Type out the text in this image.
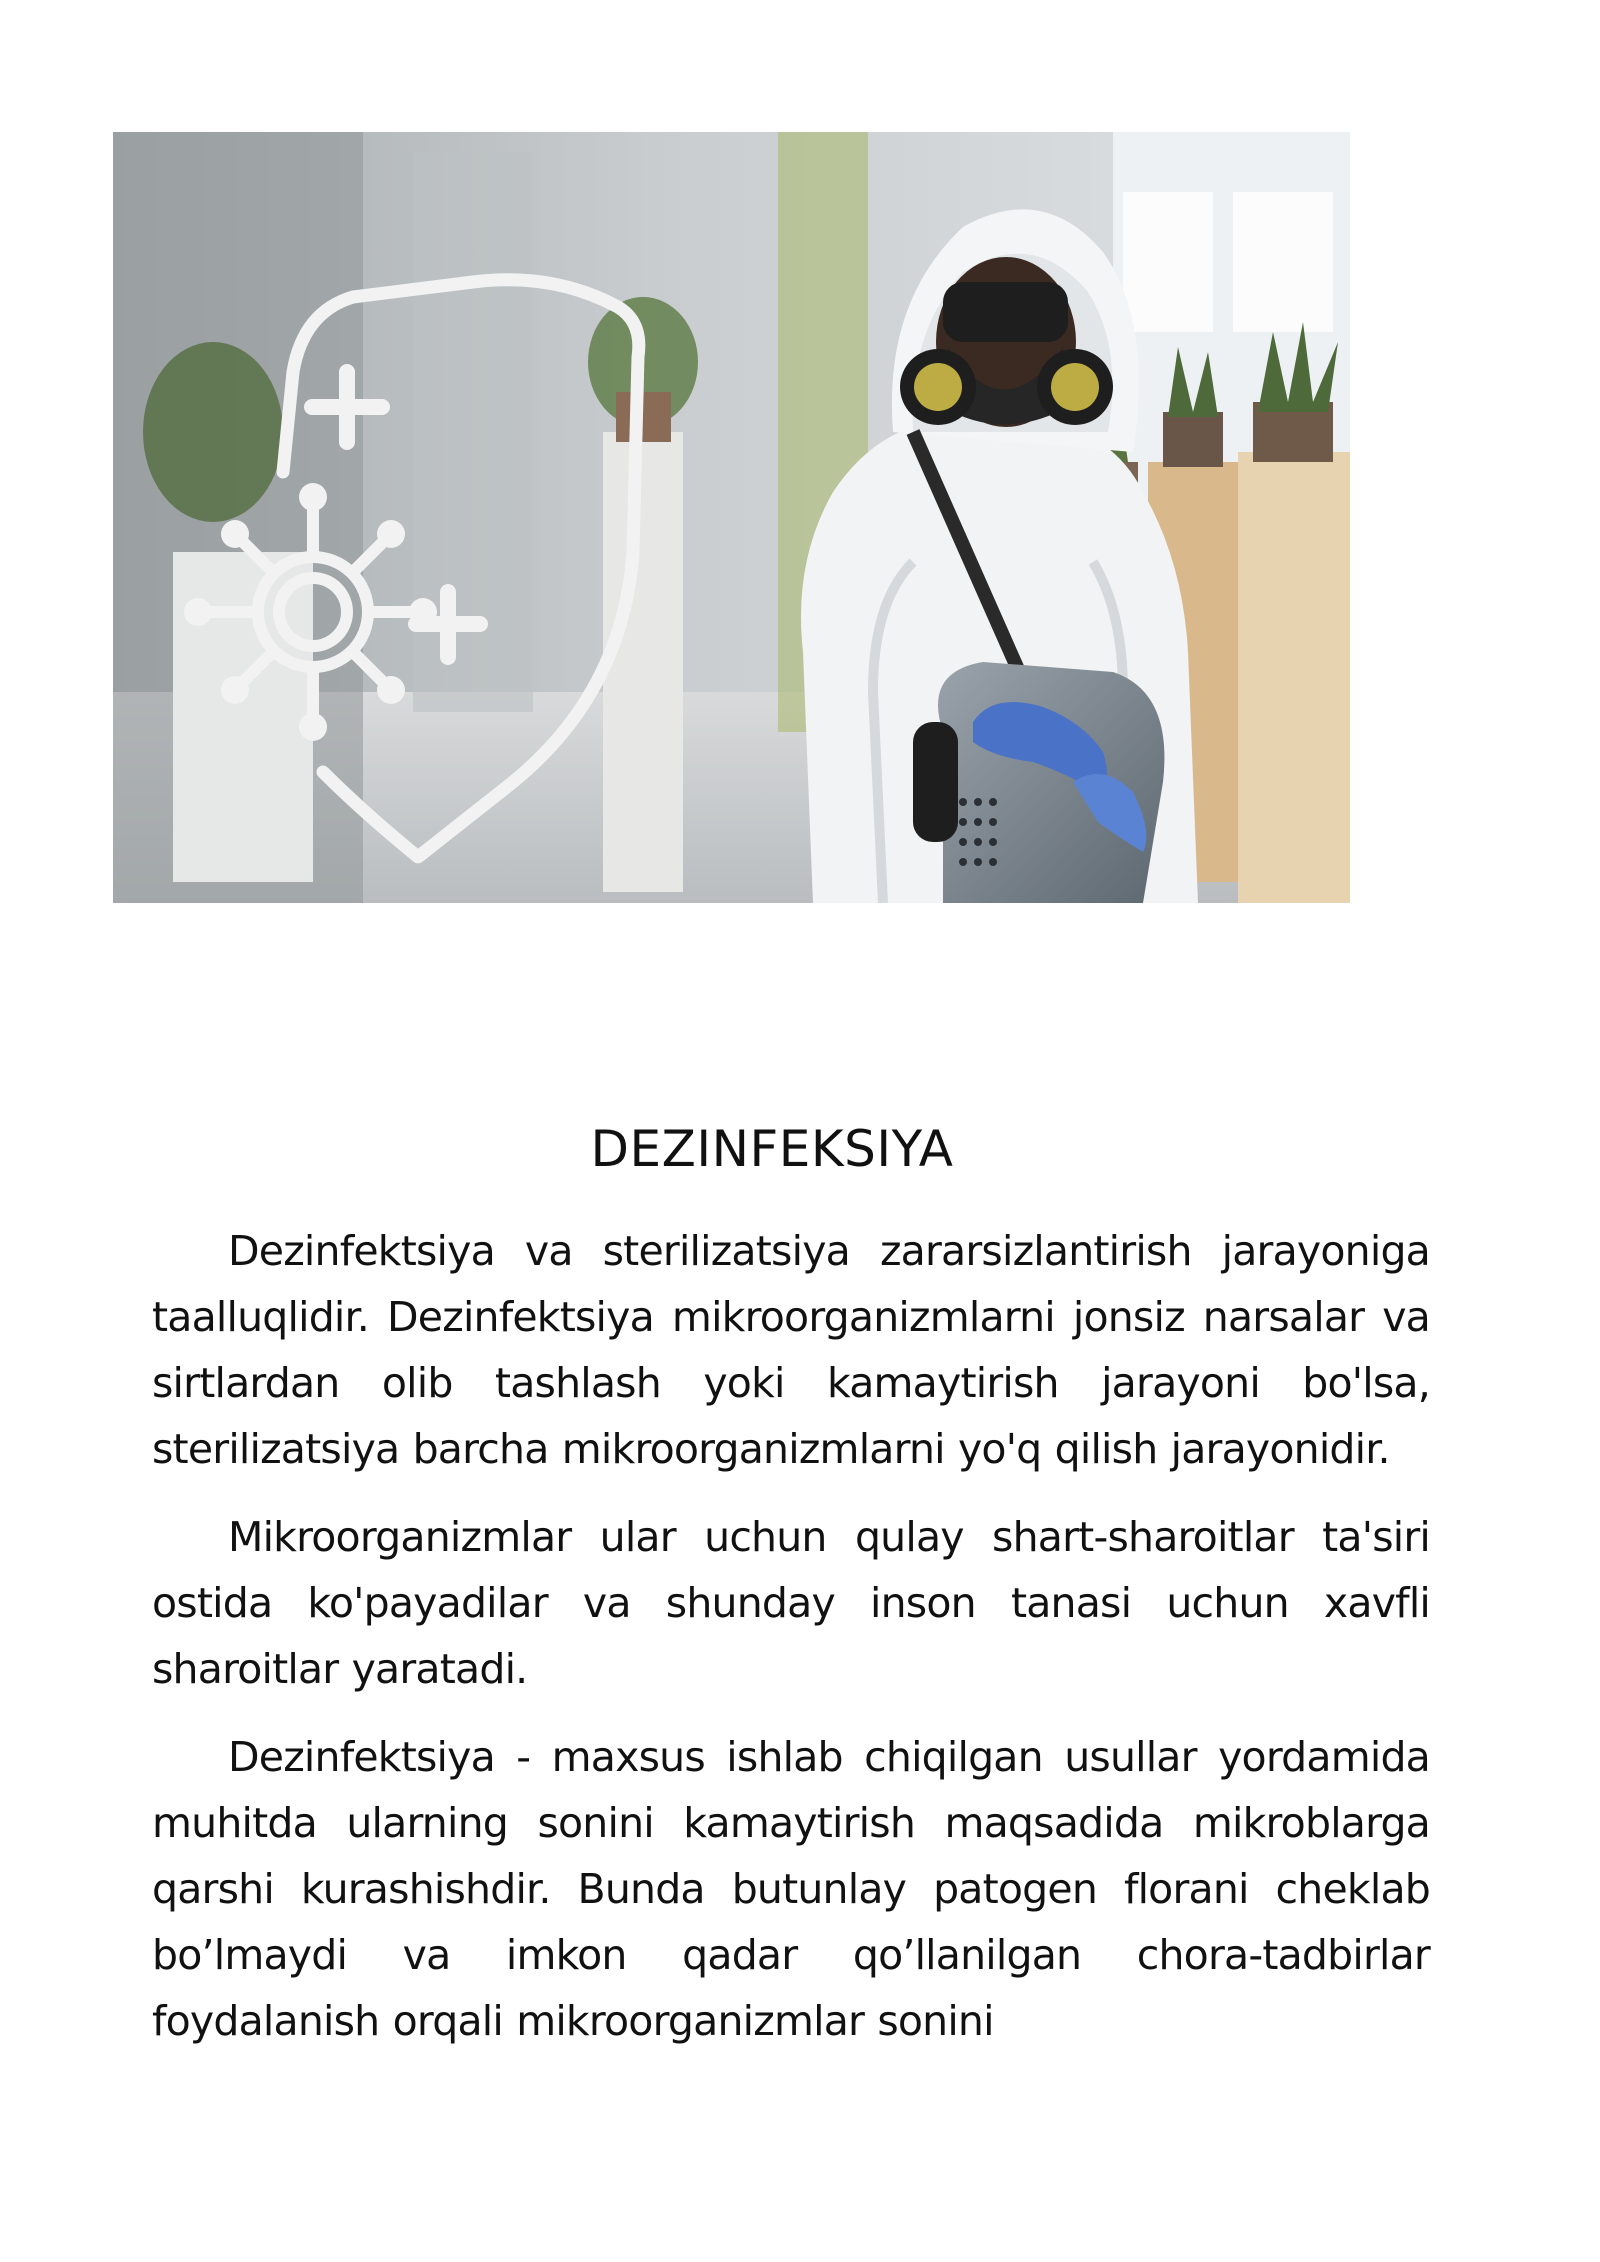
DEZINFEKSIYA

Dezinfektsiya va sterilizatsiya zararsizlantirish jarayoniga taalluqlidir. Dezinfektsiya mikroorganizmlarni jonsiz narsalar va sirtlardan olib tashlash yoki kamaytirish jarayoni bo'lsa, sterilizatsiya barcha mikroorganizmlarni yo'q qilish jarayonidir.

Mikroorganizmlar ular uchun qulay shart-sharoitlar ta'siri ostida ko'payadilar va shunday inson tanasi uchun xavfli sharoitlar yaratadi.

Dezinfektsiya - maxsus ishlab chiqilgan usullar yordamida muhitda ularning sonini kamaytirish maqsadida mikroblarga qarshi kurashishdir. Bunda butunlay patogen florani cheklab bo’lmaydi va imkon qadar qo’llanilgan chora-tadbirlar foydalanish orqali mikroorganizmlar sonini
